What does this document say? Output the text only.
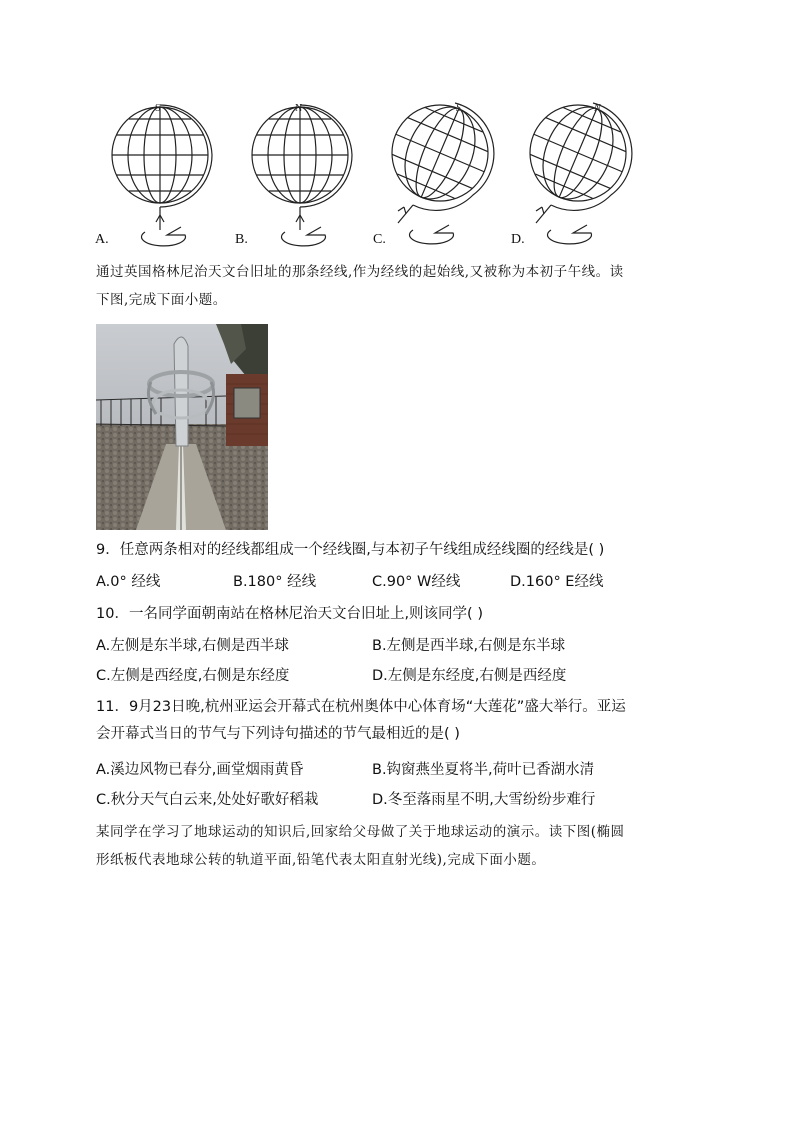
S
A.
N
B.
S
C.
N
D.

通过英国格林尼治天文台旧址的那条经线,作为经线的起始线,又被称为本初子午线。读

下图,完成下面小题。

9．任意两条相对的经线都组成一个经线圈,与本初子午线组成经线圈的经线是( )

A.0° 经线	B.180° 经线	C.90° W经线	D.160° E经线

10．一名同学面朝南站在格林尼治天文台旧址上,则该同学( )

A.左侧是东半球,右侧是西半球	B.左侧是西半球,右侧是东半球
C.左侧是西经度,右侧是东经度	D.左侧是东经度,右侧是西经度

11．9月23日晚,杭州亚运会开幕式在杭州奥体中心体育场“大莲花”盛大举行。亚运

会开幕式当日的节气与下列诗句描述的节气最相近的是( )

A.溪边风物已春分,画堂烟雨黄昏	B.钩窗燕坐夏将半,荷叶已香湖水清
C.秋分天气白云来,处处好歌好稻栽	D.冬至落雨星不明,大雪纷纷步难行

某同学在学习了地球运动的知识后,回家给父母做了关于地球运动的演示。读下图(椭圆

形纸板代表地球公转的轨道平面,铅笔代表太阳直射光线),完成下面小题。
